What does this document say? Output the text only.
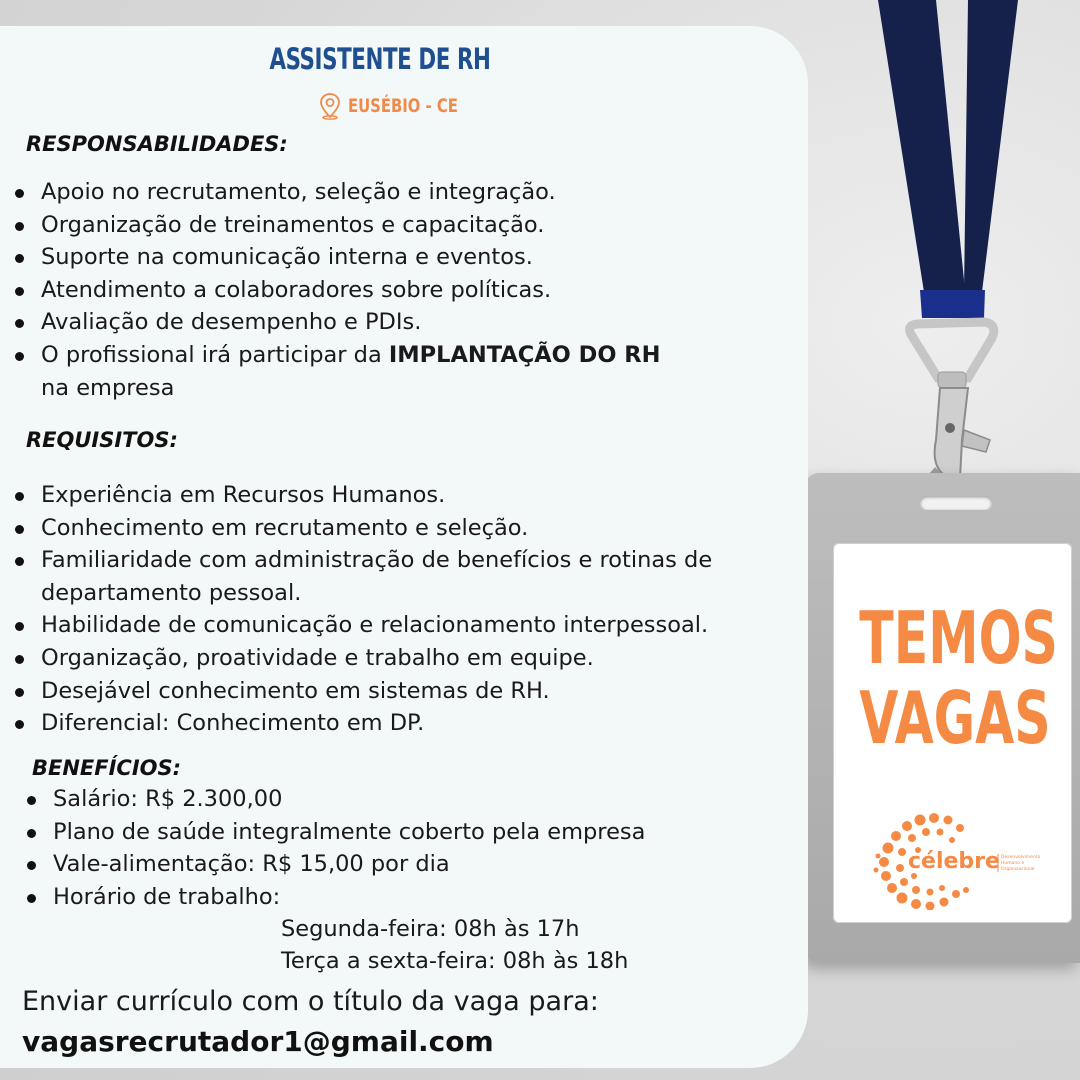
TEMOS
VAGAS
célebre Desenvolvimento
Humano e
Organizacional
ASSISTENTE DE RH
EUSÉBIO - CE
RESPONSABILIDADES:
Apoio no recrutamento, seleção e integração.
Organização de treinamentos e capacitação.
Suporte na comunicação interna e eventos.
Atendimento a colaboradores sobre políticas.
Avaliação de desempenho e PDIs.
O profissional irá participar da IMPLANTAÇÃO DO RH na empresa
REQUISITOS:
Experiência em Recursos Humanos.
Conhecimento em recrutamento e seleção.
Familiaridade com administração de benefícios e rotinas de departamento pessoal.
Habilidade de comunicação e relacionamento interpessoal.
Organização, proatividade e trabalho em equipe.
Desejável conhecimento em sistemas de RH.
Diferencial: Conhecimento em DP.
BENEFÍCIOS:
Salário: R$ 2.300,00
Plano de saúde integralmente coberto pela empresa
Vale-alimentação: R$ 15,00 por dia
Horário de trabalho:
Segunda-feira: 08h às 17h
Terça a sexta-feira: 08h às 18h
Enviar currículo com o título da vaga para:
vagasrecrutador1@gmail.com
